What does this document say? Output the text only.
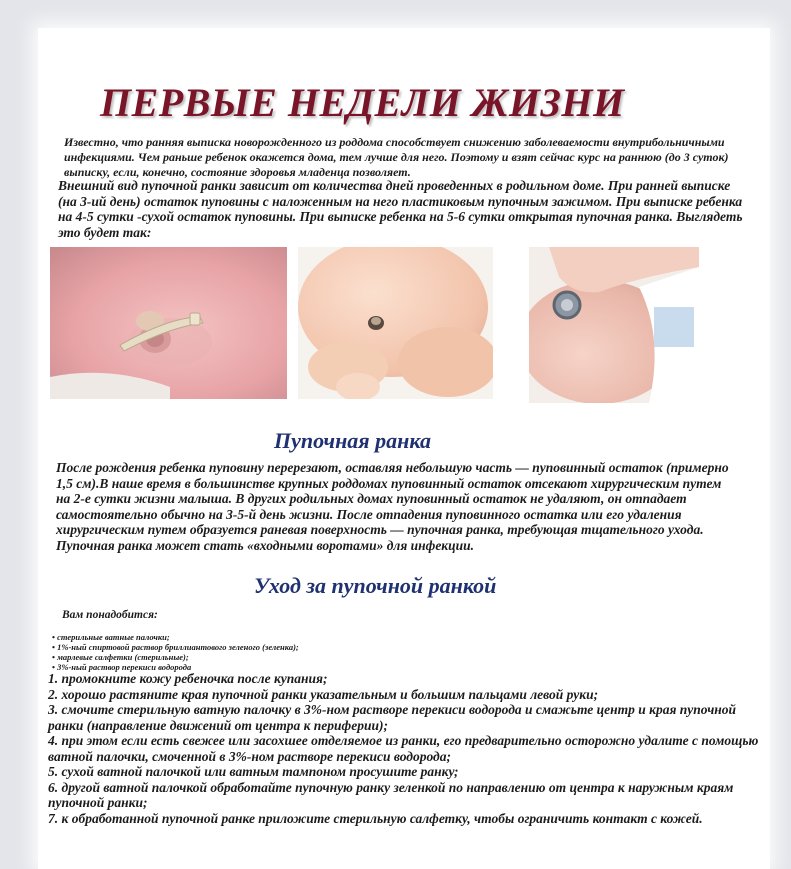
ПЕРВЫЕ НЕДЕЛИ ЖИЗНИ

Известно, что ранняя выписка новорожденного из роддома способствует снижению заболеваемости внутрибольничными инфекциями. Чем раньше ребенок окажется дома, тем лучше для него. Поэтому и взят сейчас курс на раннюю (до 3 суток) выписку, если, конечно, состояние здоровья младенца позволяет.

Внешний вид пупочной ранки зависит от количества дней проведенных в родильном доме. При ранней выписке (на 3-ий день) остаток пуповины с наложенным на него пластиковым пупочным зажимом. При выписке ребенка на 4-5 сутки -сухой остаток пуповины. При выписке ребенка на 5-6 сутки открытая пупочная ранка. Выглядеть это будет так:

Пупочная ранка

После рождения ребенка пуповину перерезают, оставляя небольшую часть — пуповинный остаток (примерно 1,5 см).В наше время в большинстве крупных роддомах пуповинный остаток отсекают хирургическим путем на 2-е сутки жизни малыша. В других родильных домах пуповинный остаток не удаляют, он отпадает самостоятельно обычно на 3-5-й день жизни. После отпадения пуповинного остатка или его удаления хирургическим путем образуется раневая поверхность — пупочная ранка, требующая тщательного ухода. Пупочная ранка может стать «входными воротами» для инфекции.

Уход за пупочной ранкой

Вам понадобится:

• стерильные ватные палочки;
• 1%-ный спиртовой раствор бриллиантового зеленого (зеленка);
• марлевые салфетки (стерильные);
• 3%-ный раствор перекиси водорода
1. промокните кожу ребеночка после купания;
2. хорошо растяните края пупочной ранки указательным и большим пальцами левой руки;
3. смочите стерильную ватную палочку в 3%-ном растворе перекиси водорода и смажьте центр и края пупочной ранки (направление движений от центра к периферии);
4. при этом если есть свежее или засохшее отделяемое из ранки, его предварительно осторожно удалите с помощью ватной палочки, смоченной в 3%-ном растворе перекиси водорода;
5. сухой ватной палочкой или ватным тампоном просушите ранку;
6. другой ватной палочкой обработайте пупочную ранку зеленкой по направлению от центра к наружным краям пупочной ранки;
7. к обработанной пупочной ранке приложите стерильную салфетку, чтобы ограничить контакт с кожей.
